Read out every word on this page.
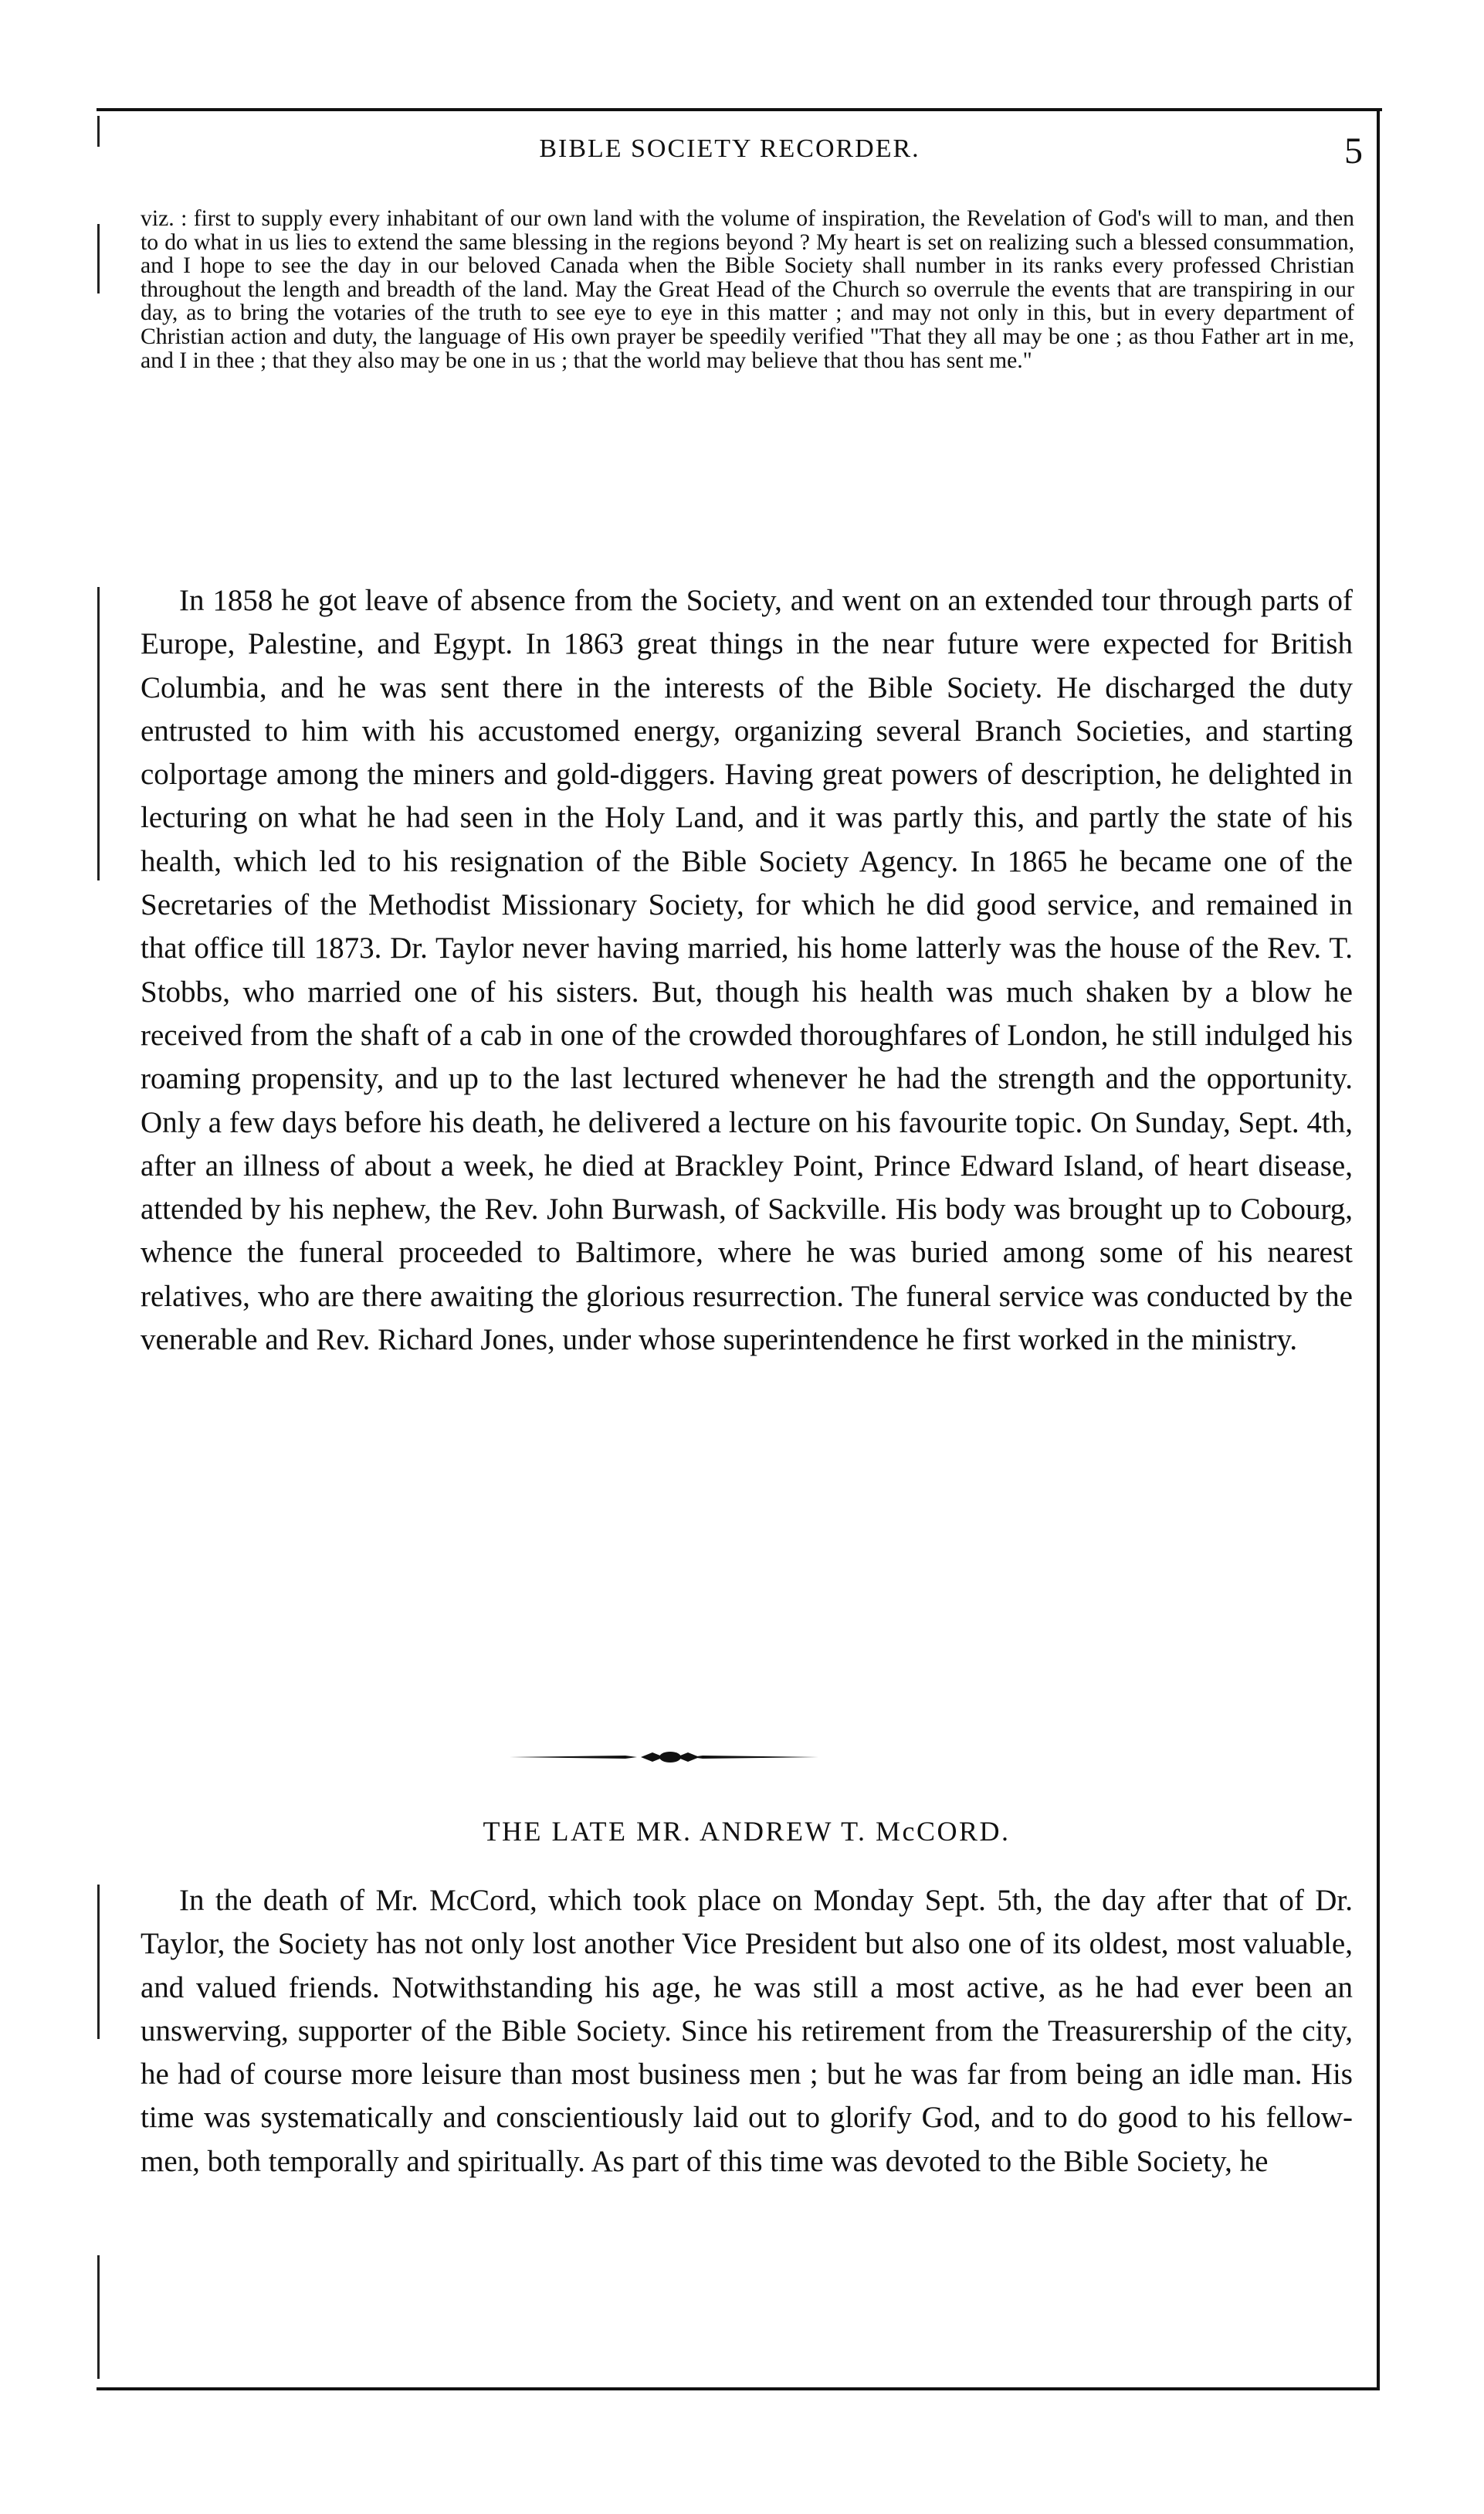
BIBLE SOCIETY RECORDER.	5

viz. : first to supply every inhabitant of our own land with the volume of inspiration, the Revelation of God's will to man, and then to do what in us lies to extend the same blessing in the regions beyond ? My heart is set on realizing such a blessed consummation, and I hope to see the day in our beloved Canada when the Bible Society shall number in its ranks every professed Christian throughout the length and breadth of the land. May the Great Head of the Church so overrule the events that are transpiring in our day, as to bring the votaries of the truth to see eye to eye in this matter ; and may not only in this, but in every department of Christian action and duty, the language of His own prayer be speedily verified "That they all may be one ; as thou Father art in me, and I in thee ; that they also may be one in us ; that the world may believe that thou has sent me."

In 1858 he got leave of absence from the Society, and went on an extended tour through parts of Europe, Palestine, and Egypt. In 1863 great things in the near future were expected for British Columbia, and he was sent there in the interests of the Bible Society. He discharged the duty entrusted to him with his accustomed energy, organizing several Branch Societies, and starting colportage among the miners and gold-diggers. Having great powers of description, he delighted in lecturing on what he had seen in the Holy Land, and it was partly this, and partly the state of his health, which led to his resignation of the Bible Society Agency. In 1865 he became one of the Secretaries of the Methodist Missionary Society, for which he did good service, and remained in that office till 1873. Dr. Taylor never having married, his home latterly was the house of the Rev. T. Stobbs, who married one of his sisters. But, though his health was much shaken by a blow he received from the shaft of a cab in one of the crowded thoroughfares of London, he still indulged his roaming propensity, and up to the last lectured whenever he had the strength and the opportunity. Only a few days before his death, he delivered a lecture on his favourite topic. On Sunday, Sept. 4th, after an illness of about a week, he died at Brackley Point, Prince Edward Island, of heart disease, attended by his nephew, the Rev. John Burwash, of Sackville. His body was brought up to Cobourg, whence the funeral proceeded to Baltimore, where he was buried among some of his nearest relatives, who are there awaiting the glorious resurrection. The funeral service was conducted by the venerable and Rev. Richard Jones, under whose superintendence he first worked in the ministry.

THE LATE MR. ANDREW T. McCORD.

In the death of Mr. McCord, which took place on Monday Sept. 5th, the day after that of Dr. Taylor, the Society has not only lost another Vice President but also one of its oldest, most valuable, and valued friends. Notwithstanding his age, he was still a most active, as he had ever been an unswerving, supporter of the Bible Society. Since his retirement from the Treasurership of the city, he had of course more leisure than most business men ; but he was far from being an idle man. His time was systematically and conscientiously laid out to glorify God, and to do good to his fellow-men, both temporally and spiritually. As part of this time was devoted to the Bible Society, he
